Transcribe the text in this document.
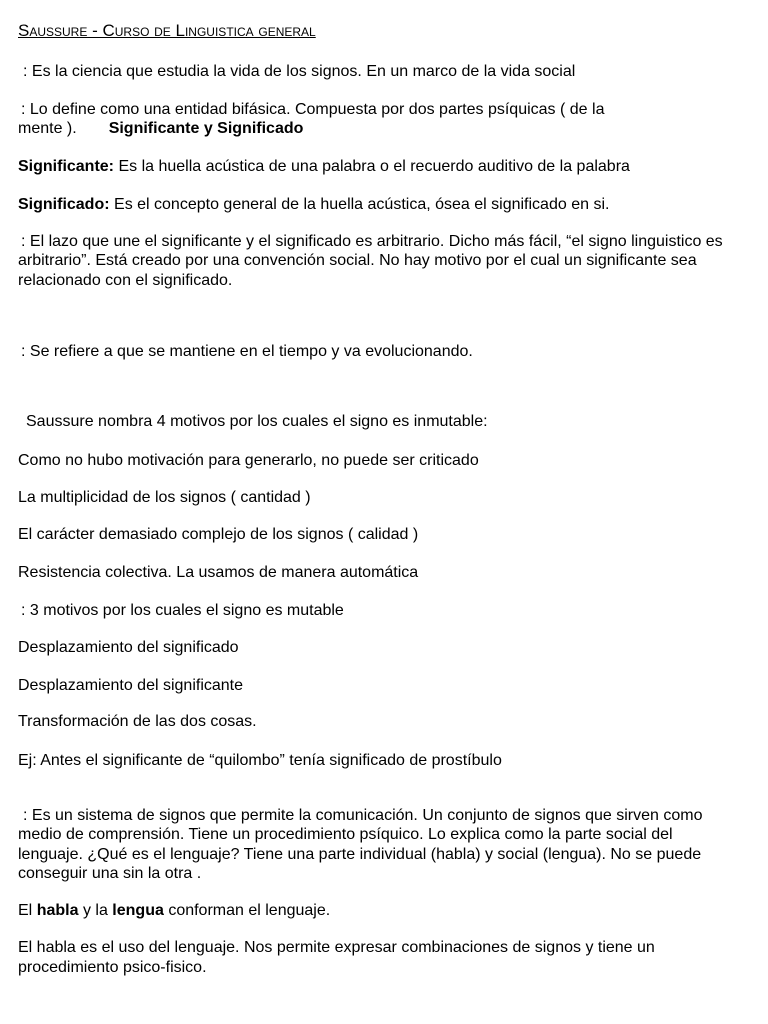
Saussure - Curso de Linguistica general
: Es la ciencia que estudia la vida de los signos. En un marco de la vida social
: Lo define como una entidad bifásica. Compuesta por dos partes psíquicas ( de la
mente ). Significante y Significado
Significante: Es la huella acústica de una palabra o el recuerdo auditivo de la palabra
Significado: Es el concepto general de la huella acústica, ósea el significado en si.
: El lazo que une el significante y el significado es arbitrario. Dicho más fácil, “el signo linguistico es
arbitrario”. Está creado por una convención social. No hay motivo por el cual un significante sea
relacionado con el significado.
: Se refiere a que se mantiene en el tiempo y va evolucionando.
Saussure nombra 4 motivos por los cuales el signo es inmutable:
Como no hubo motivación para generarlo, no puede ser criticado
La multiplicidad de los signos ( cantidad )
El carácter demasiado complejo de los signos ( calidad )
Resistencia colectiva. La usamos de manera automática
: 3 motivos por los cuales el signo es mutable
Desplazamiento del significado
Desplazamiento del significante
Transformación de las dos cosas.
Ej: Antes el significante de “quilombo” tenía significado de prostíbulo
: Es un sistema de signos que permite la comunicación. Un conjunto de signos que sirven como
medio de comprensión. Tiene un procedimiento psíquico. Lo explica como la parte social del
lenguaje. ¿Qué es el lenguaje? Tiene una parte individual (habla) y social (lengua). No se puede
conseguir una sin la otra .
El habla y la lengua conforman el lenguaje.
El habla es el uso del lenguaje. Nos permite expresar combinaciones de signos y tiene un
procedimiento psico-fisico.
